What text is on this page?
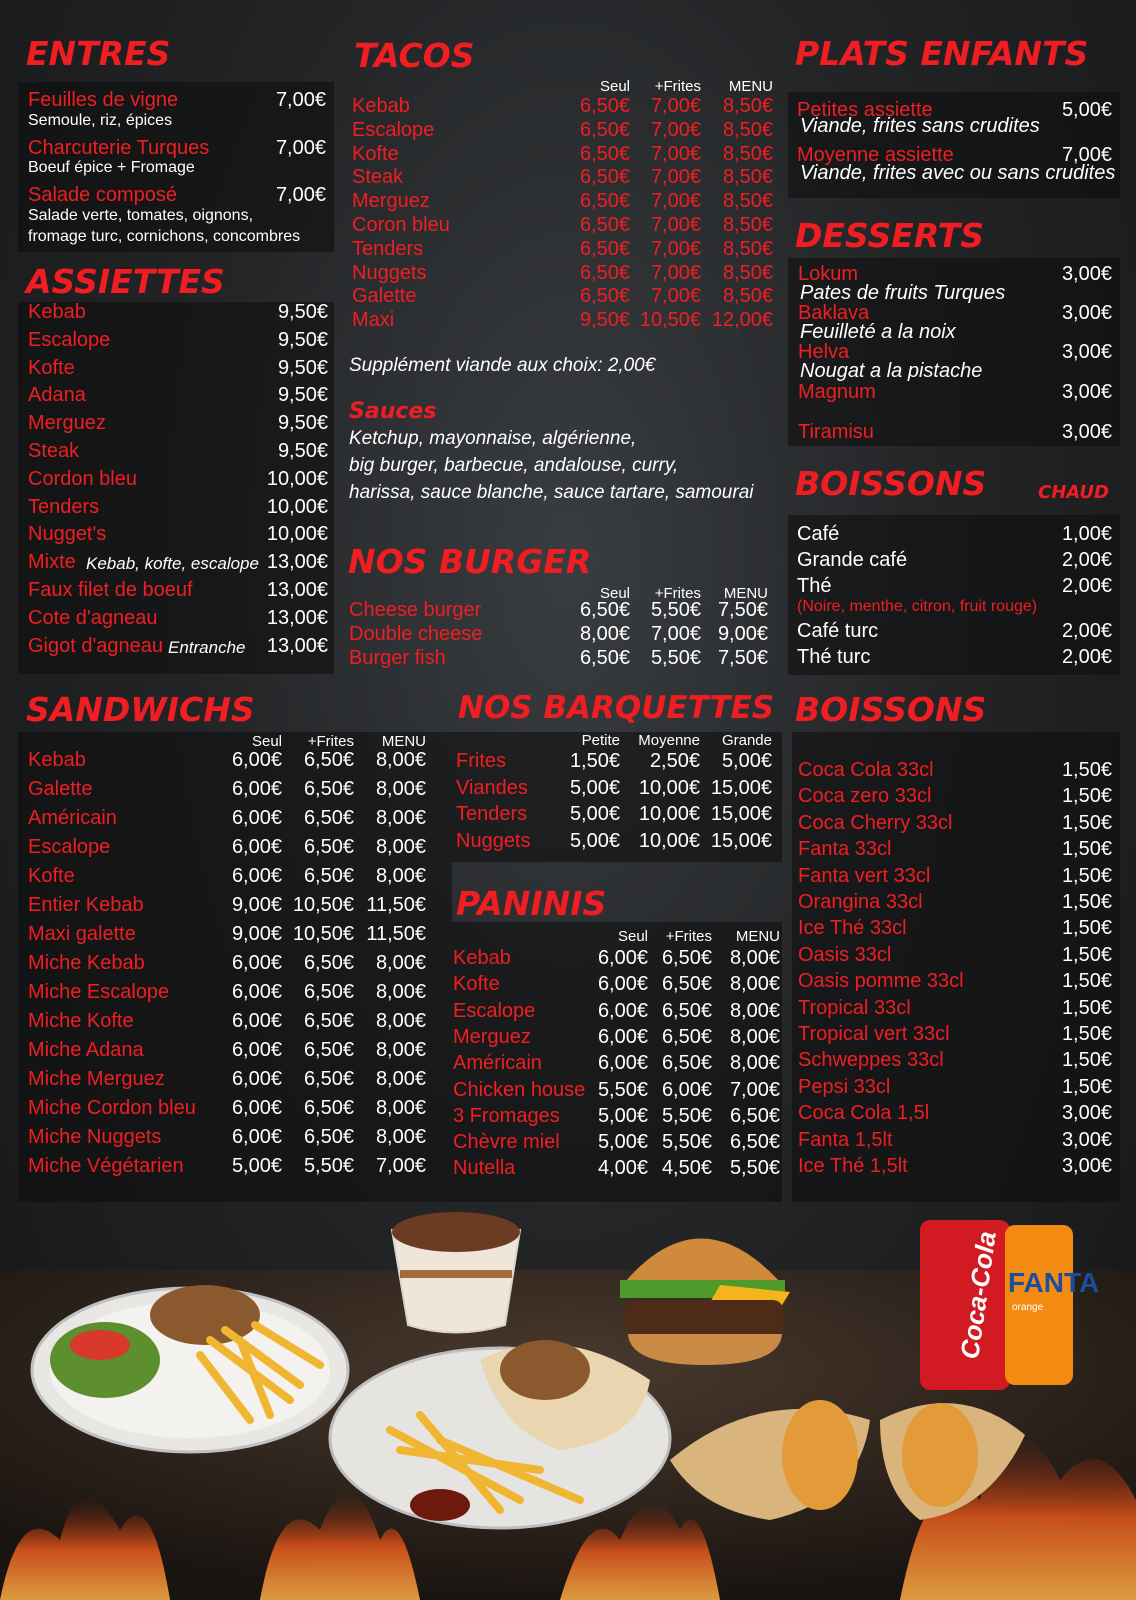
ENTRES
ASSIETTES
TACOS
NOS BURGER
PLATS ENFANTS
DESSERTS
BOISSONS	CHAUD
SANDWICHS	NOS BARQUETTES
PANINIS
BOISSONS
Feuilles de vigne	7,00€
Semoule, riz, épices
Charcuterie Turques	7,00€
Boeuf épice + Fromage
Salade composé	7,00€
Salade verte, tomates, oignons,
fromage turc, cornichons, concombres
Kebab	9,50€
Escalope	9,50€
Kofte	9,50€
Adana	9,50€
Merguez	9,50€
Steak	9,50€
Cordon bleu	10,00€
Tenders	10,00€
Nugget's	10,00€
Mixte Kebab, kofte, escalope 13,00€
Faux filet de boeuf	13,00€
Cote d'agneau	13,00€
Gigot d'agneau Entranche	13,00€
Seul	+Frites	MENU
Kebab	6,50€	7,00€	8,50€
Escalope	6,50€	7,00€	8,50€
Kofte	6,50€	7,00€	8,50€
Steak	6,50€	7,00€	8,50€
Merguez	6,50€	7,00€	8,50€
Coron bleu	6,50€	7,00€	8,50€
Tenders	6,50€	7,00€	8,50€
Nuggets	6,50€	7,00€	8,50€
Galette	6,50€	7,00€	8,50€
Maxi	9,50€ 10,50€ 12,00€
Supplément viande aux choix: 2,00€
Sauces
Ketchup, mayonnaise, algérienne,
big burger, barbecue, andalouse, curry,
harissa, sauce blanche, sauce tartare, samourai
Seul	+Frites	MENU
Cheese burger	6,50€	5,50€ 7,50€
Double cheese	8,00€	7,00€ 9,00€
Burger fish	6,50€	5,50€ 7,50€
Petites assiette	5,00€
Viande, frites sans crudites
Moyenne assiette	7,00€
Viande, frites avec ou sans crudites
Lokum	3,00€
Pates de fruits Turques
Baklava	3,00€
Feuilleté a la noix
Helva	3,00€
Nougat a la pistache
Magnum	3,00€
Tiramisu	3,00€
Café	1,00€
Grande café	2,00€
Thé	2,00€
(Noire, menthe, citron, fruit rouge)
Café turc	2,00€
Thé turc	2,00€
Seul	+Frites	MENU
Kebab	6,00€	6,50€	8,00€
Galette	6,00€	6,50€	8,00€
Américain	6,00€	6,50€	8,00€
Escalope	6,00€	6,50€	8,00€
Kofte	6,00€	6,50€	8,00€
Entier Kebab	9,00€ 10,50€ 11,50€
Maxi galette	9,00€ 10,50€ 11,50€
Miche Kebab	6,00€	6,50€	8,00€
Miche Escalope	6,00€	6,50€	8,00€
Miche Kofte	6,00€	6,50€	8,00€
Miche Adana	6,00€	6,50€	8,00€
Miche Merguez	6,00€	6,50€	8,00€
Miche Cordon bleu	6,00€	6,50€	8,00€
Miche Nuggets	6,00€	6,50€	8,00€
Miche Végétarien	5,00€	5,50€	7,00€
Petite	Moyenne	Grande
Frites	1,50€	2,50€	5,00€
Viandes	5,00€ 10,00€ 15,00€
Tenders	5,00€ 10,00€ 15,00€
Nuggets	5,00€ 10,00€ 15,00€
Seul	+Frites	MENU
Kebab	6,00€ 6,50€ 8,00€
Kofte	6,00€ 6,50€ 8,00€
Escalope	6,00€ 6,50€ 8,00€
Merguez	6,00€ 6,50€ 8,00€
Américain	6,00€ 6,50€ 8,00€
Chicken house 5,50€ 6,00€ 7,00€
3 Fromages	5,00€ 5,50€ 6,50€
Chèvre miel	5,00€ 5,50€ 6,50€
Nutella	4,00€ 4,50€ 5,50€
Coca Cola 33cl	1,50€
Coca zero 33cl	1,50€
Coca Cherry 33cl	1,50€
Fanta 33cl	1,50€
Fanta vert 33cl	1,50€
Orangina 33cl	1,50€
Ice Thé 33cl	1,50€
Oasis 33cl	1,50€
Oasis pomme 33cl	1,50€
Tropical 33cl	1,50€
Tropical vert 33cl	1,50€
Schweppes 33cl	1,50€
Pepsi 33cl	1,50€
Coca Cola 1,5l	3,00€
Fanta 1,5lt	3,00€
Ice Thé 1,5lt	3,00€
Coca-Cola FANTA
orange
